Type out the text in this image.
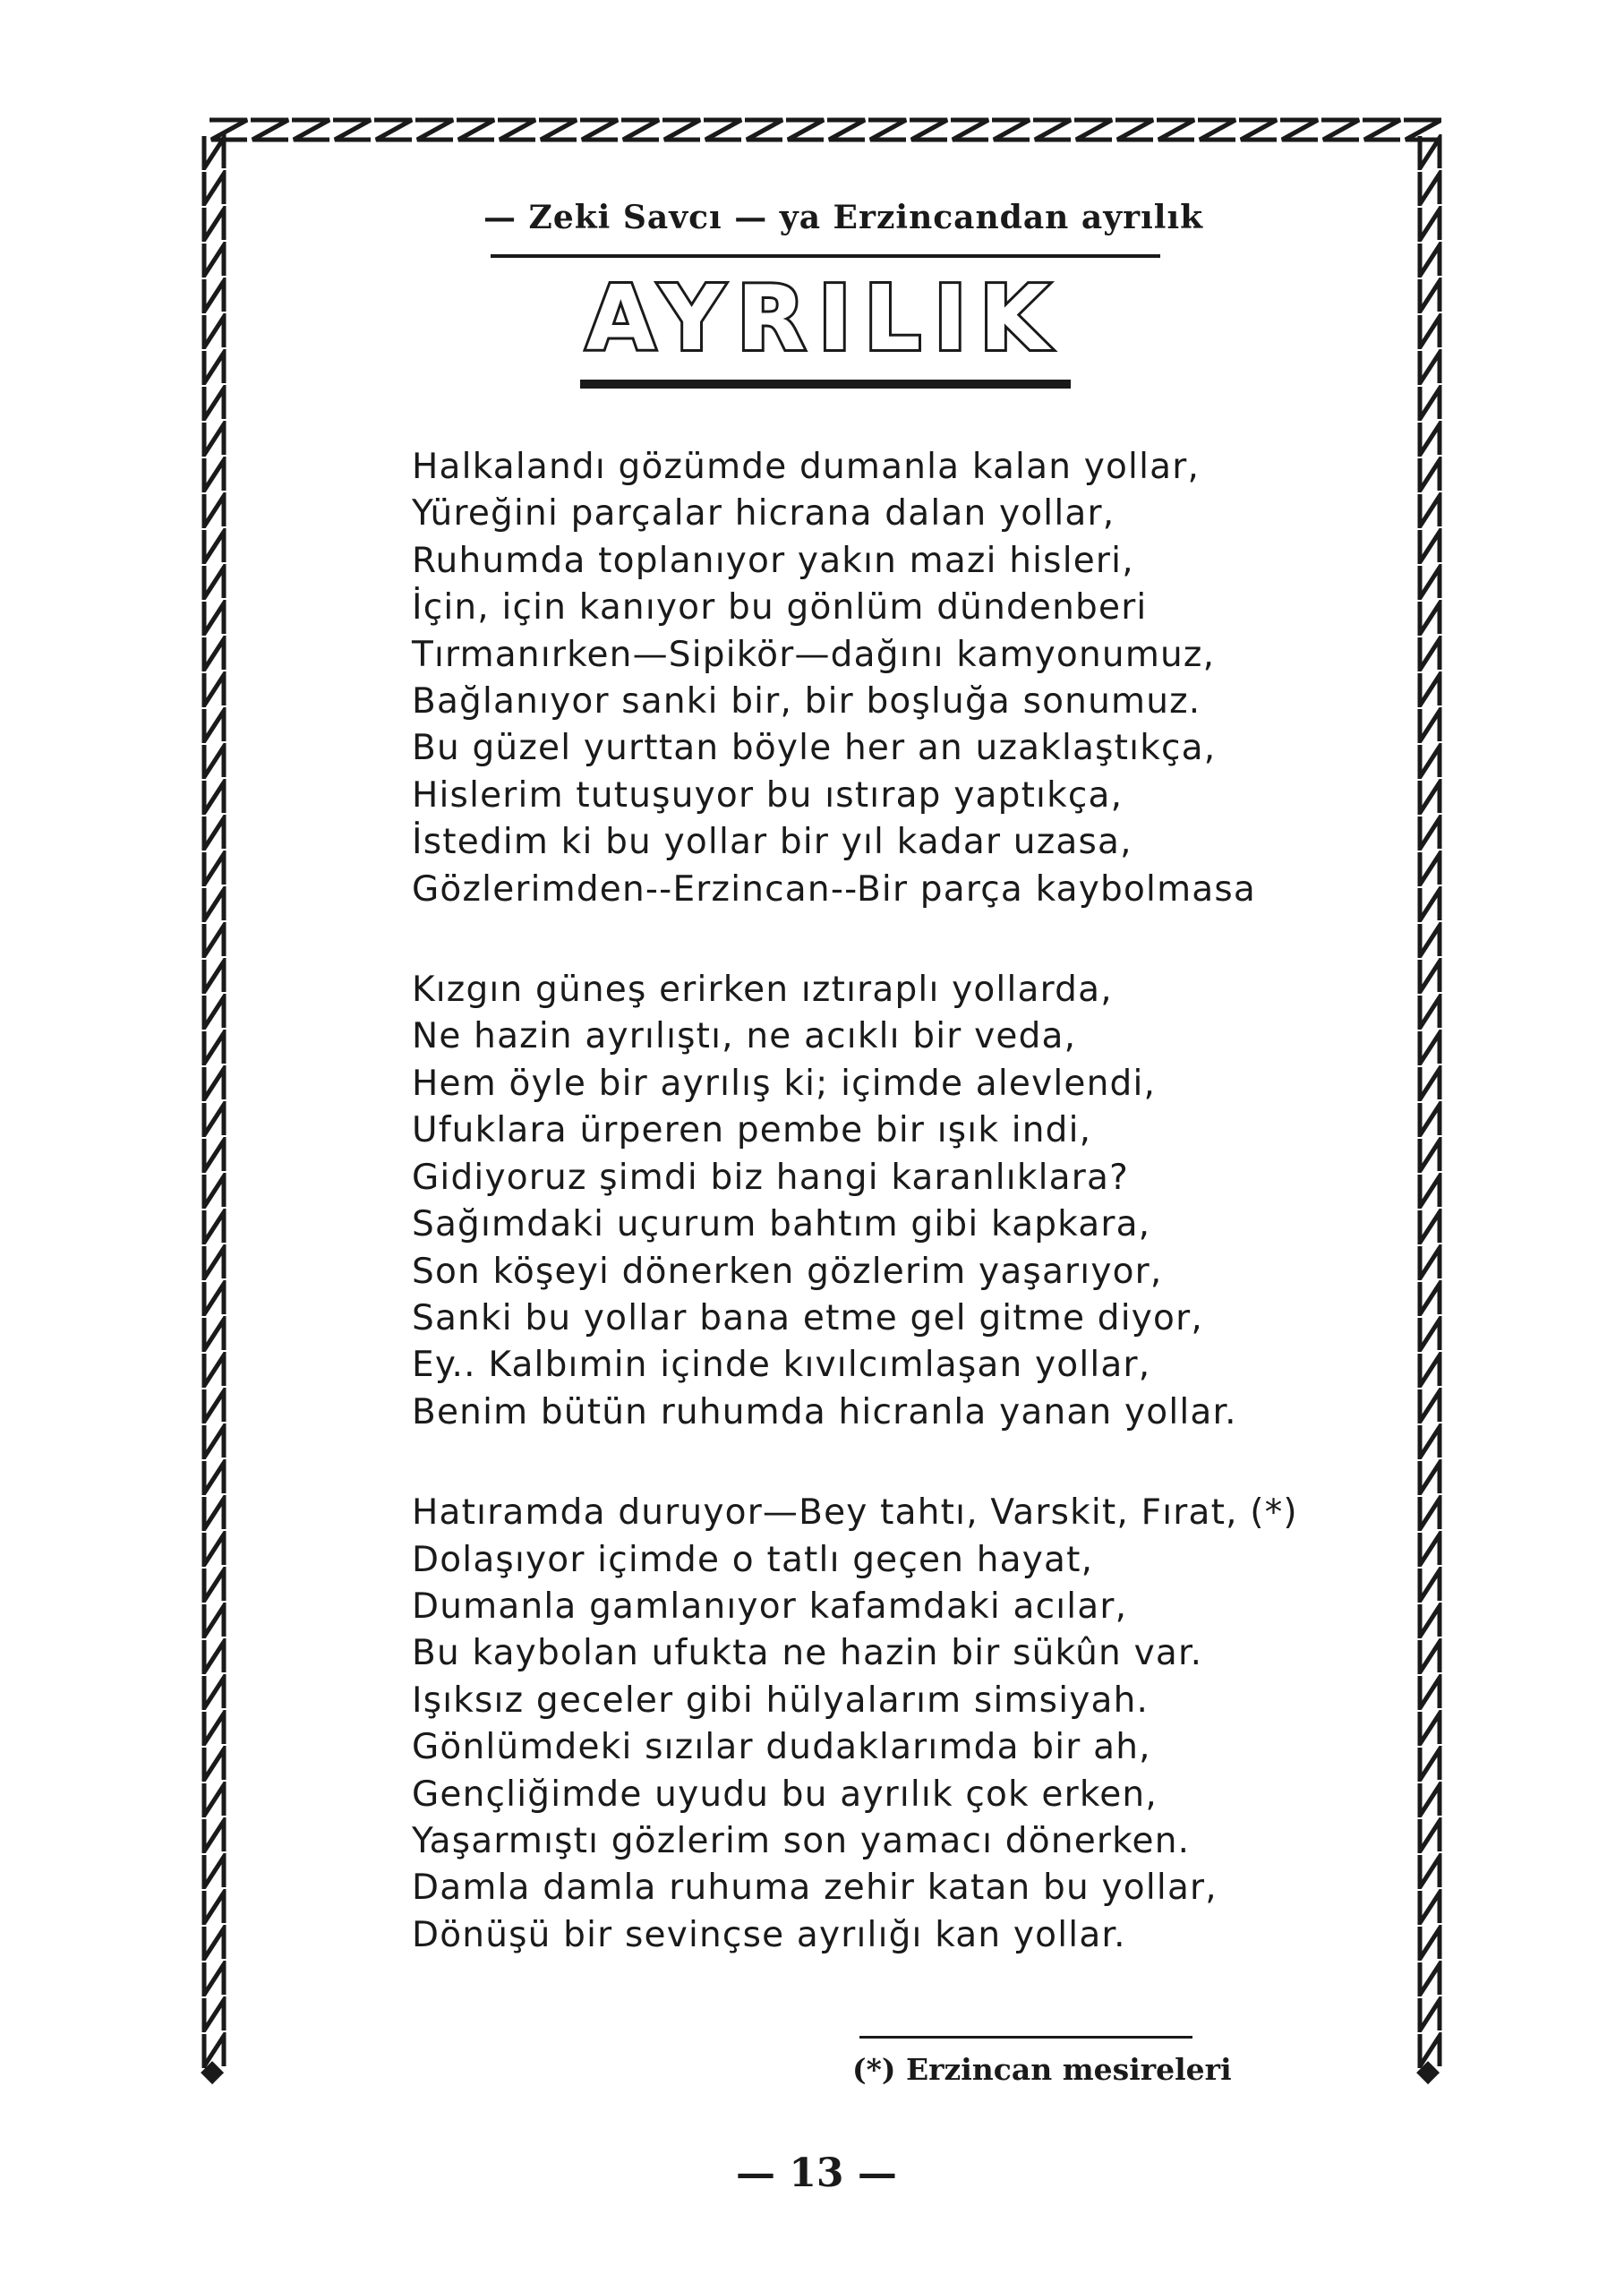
◆	◆
— Zeki Savcı — ya Erzincandan ayrılık
AYRILIK
Halkalandı gözümde dumanla kalan yollar,
Yüreğini parçalar hicrana dalan yollar,
Ruhumda toplanıyor yakın mazi hisleri,
İçin, için kanıyor bu gönlüm dündenberi
Tırmanırken—Sipikör—dağını kamyonumuz,
Bağlanıyor sanki bir, bir boşluğa sonumuz.
Bu güzel yurttan böyle her an uzaklaştıkça,
Hislerim tutuşuyor bu ıstırap yaptıkça,
İstedim ki bu yollar bir yıl kadar uzasa,
Gözlerimden--Erzincan--Bir parça kaybolmasa
Kızgın güneş erirken ıztıraplı yollarda,
Ne hazin ayrılıştı, ne acıklı bir veda,
Hem öyle bir ayrılış ki; içimde alevlendi,
Ufuklara ürperen pembe bir ışık indi,
Gidiyoruz şimdi biz hangi karanlıklara?
Sağımdaki uçurum bahtım gibi kapkara,
Son köşeyi dönerken gözlerim yaşarıyor,
Sanki bu yollar bana etme gel gitme diyor,
Ey.. Kalbımin içinde kıvılcımlaşan yollar,
Benim bütün ruhumda hicranla yanan yollar.
Hatıramda duruyor—Bey tahtı, Varskit, Fırat, (*)
Dolaşıyor içimde o tatlı geçen hayat,
Dumanla gamlanıyor kafamdaki acılar,
Bu kaybolan ufukta ne hazin bir sükûn var.
Işıksız geceler gibi hülyalarım simsiyah.
Gönlümdeki sızılar dudaklarımda bir ah,
Gençliğimde uyudu bu ayrılık çok erken,
Yaşarmıştı gözlerim son yamacı dönerken.
Damla damla ruhuma zehir katan bu yollar,
Dönüşü bir sevinçse ayrılığı kan yollar.
(*) Erzincan mesireleri
— 13 —
